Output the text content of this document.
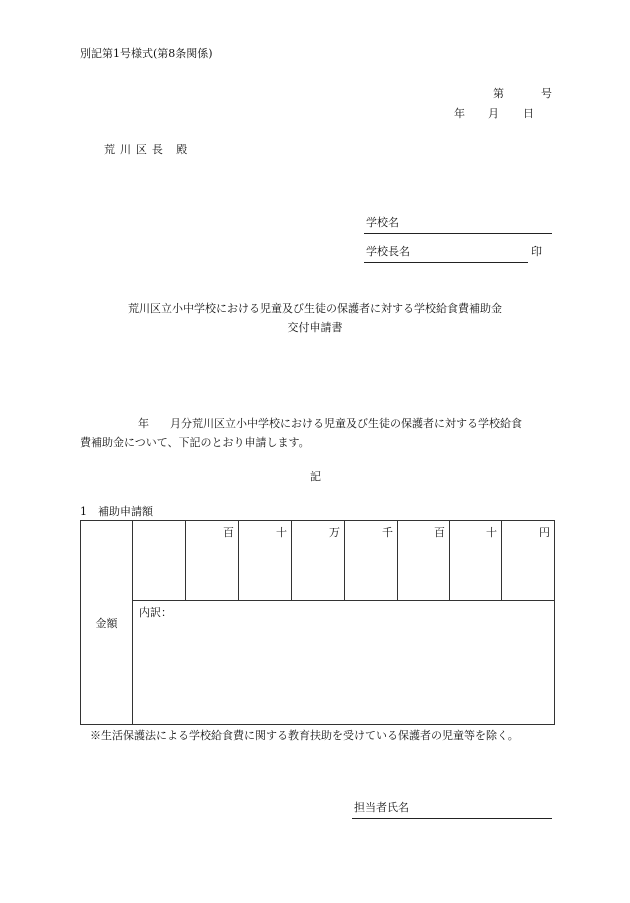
別記第1号様式(第8条関係)
第	号
年 月 日
荒川区長 殿
学校名
学校長名	印
荒川区立小中学校における児童及び生徒の保護者に対する学校給食費補助金
交付申請書
年 月分荒川区立小中学校における児童及び生徒の保護者に対する学校給食
費補助金について、下記のとおり申請します。
記
1　補助申請額
金額		百	十	万	千	百	十	円
内訳：
※生活保護法による学校給食費に関する教育扶助を受けている保護者の児童等を除く。
担当者氏名
